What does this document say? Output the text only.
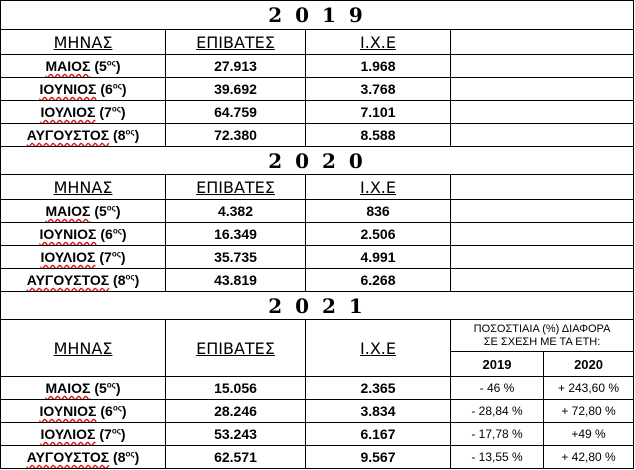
2 0 1 9				
ΜΗΝΑΣ	ΕΠΙΒΑΤΕΣ	Ι.Χ.Ε		
ΜΑΙΟΣ $(5^{o\varsigma})$	27.913	1.968		
ΙΟΥΝΙΟΣ $(6^{o\varsigma})$	39.692	3.768		
ΙΟΥΛΙΟΣ $(7^{o\varsigma})$	64.759	7.101		
ΑΥΓΟΥΣΤΟΣ $(8^{o\varsigma})$	72.380	8.588		
2 0 2 0				
ΜΗΝΑΣ	ΕΠΙΒΑΤΕΣ	Ι.Χ.Ε		
ΜΑΙΟΣ $(5^{o\varsigma})$	4.382	836		
ΙΟΥΝΙΟΣ $(6^{o\varsigma})$	16.349	2.506		
ΙΟΥΛΙΟΣ $(7^{o\varsigma})$	35.735	4.991		
ΑΥΓΟΥΣΤΟΣ $(8^{o\varsigma})$	43.819	6.268		
2 0 2 1				
ΜΗΝΑΣ	ΕΠΙΒΑΤΕΣ	Ι.Χ.Ε	ΠΟΣΟΣΤΙΑΙΑ (%) ΔΙΑΦΟΡΑ
ΣΕ ΣΧΕΣΗ ΜΕ ΤΑ ΕΤΗ:	
			2019	2020
ΜΑΙΟΣ $(5^{o\varsigma})$	15.056	2.365	- 46 %	+ 243,60 %
ΙΟΥΝΙΟΣ $(6^{o\varsigma})$	28.246	3.834	- 28,84 %	+ 72,80 %
ΙΟΥΛΙΟΣ $(7^{o\varsigma})$	53.243	6.167	- 17,78 %	+49 %
ΑΥΓΟΥΣΤΟΣ $(8^{o\varsigma})$	62.571	9.567	- 13,55 %	+ 42,80 %
